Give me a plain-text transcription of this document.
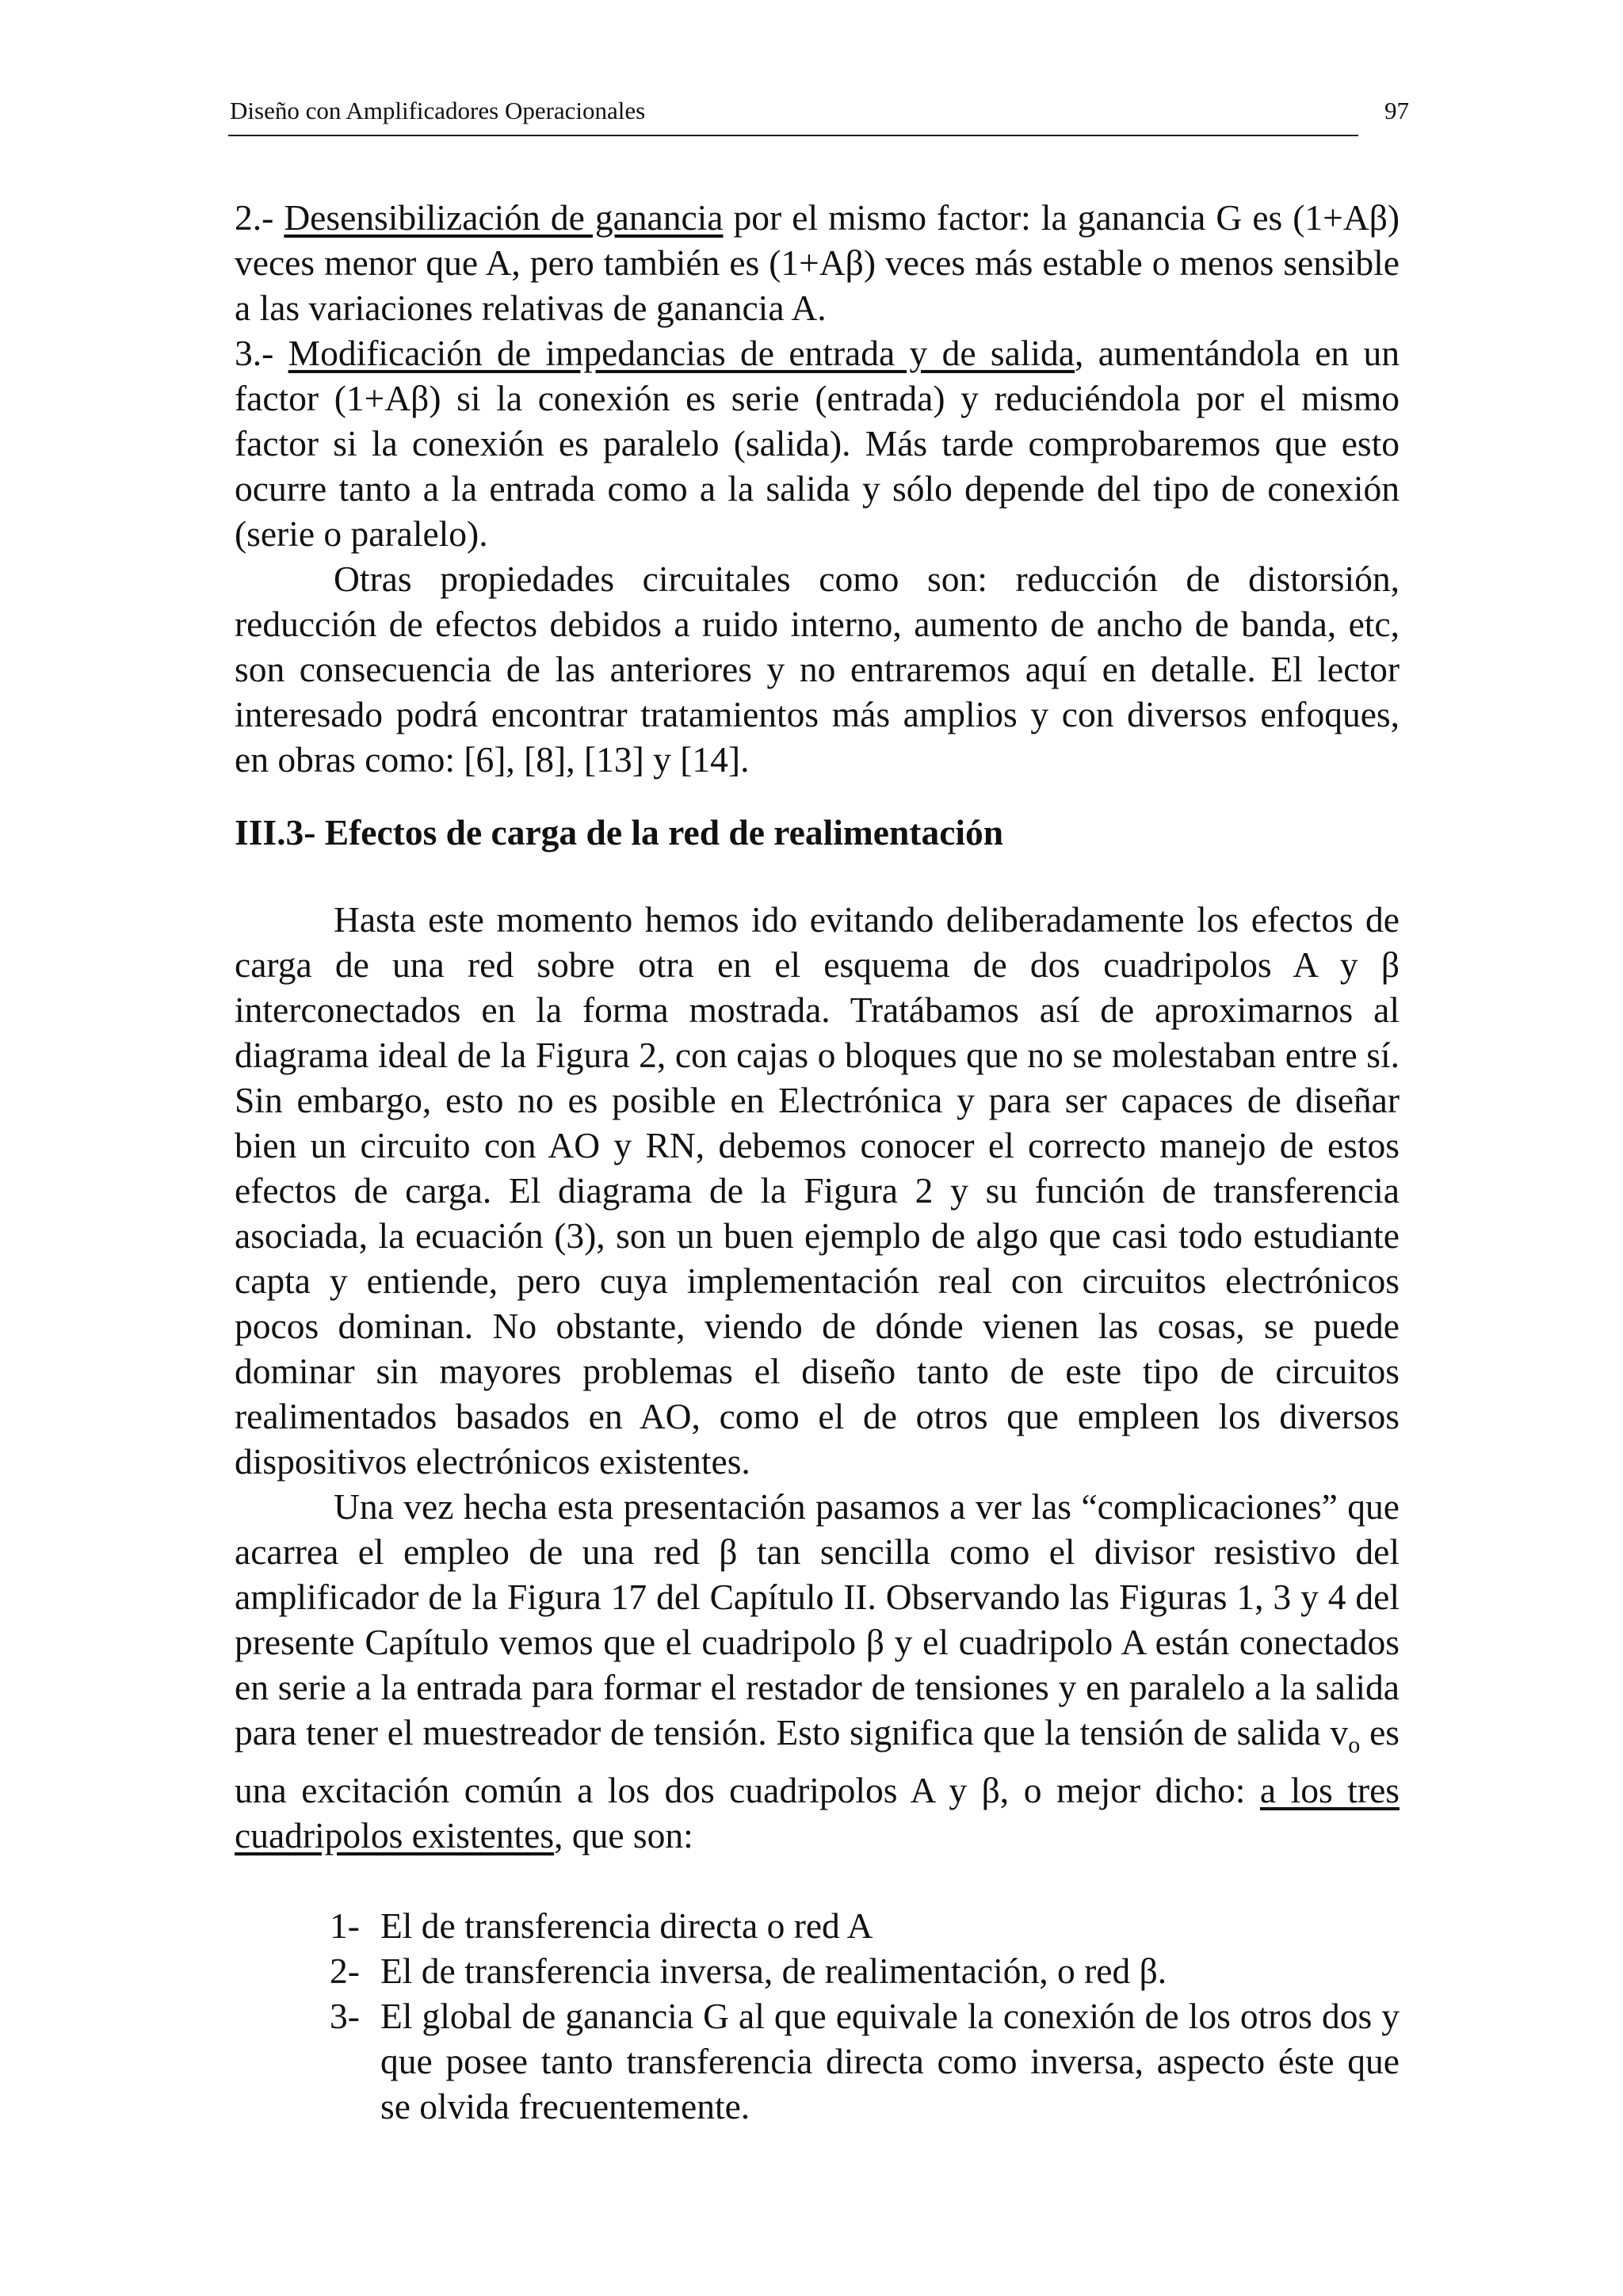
Diseño con Amplificadores Operacionales	97

2.- Desensibilización de ganancia por el mismo factor: la ganancia G es (1+Aβ) veces menor que A, pero también es (1+Aβ) veces más estable o menos sensible a las variaciones relativas de ganancia A.

3.- Modificación de impedancias de entrada y de salida, aumentándola en un factor (1+Aβ) si la conexión es serie (entrada) y reduciéndola por el mismo factor si la conexión es paralelo (salida). Más tarde comprobaremos que esto ocurre tanto a la entrada como a la salida y sólo depende del tipo de conexión (serie o paralelo).

Otras propiedades circuitales como son: reducción de distorsión, reducción de efectos debidos a ruido interno, aumento de ancho de banda, etc, son consecuencia de las anteriores y no entraremos aquí en detalle. El lector interesado podrá encontrar tratamientos más amplios y con diversos enfoques, en obras como: [6], [8], [13] y [14].

III.3- Efectos de carga de la red de realimentación

Hasta este momento hemos ido evitando deliberadamente los efectos de carga de una red sobre otra en el esquema de dos cuadripolos A y β interconectados en la forma mostrada. Tratábamos así de aproximarnos al diagrama ideal de la Figura 2, con cajas o bloques que no se molestaban entre sí. Sin embargo, esto no es posible en Electrónica y para ser capaces de diseñar bien un circuito con AO y RN, debemos conocer el correcto manejo de estos efectos de carga. El diagrama de la Figura 2 y su función de transferencia asociada, la ecuación (3), son un buen ejemplo de algo que casi todo estudiante capta y entiende, pero cuya implementación real con circuitos electrónicos pocos dominan. No obstante, viendo de dónde vienen las cosas, se puede dominar sin mayores problemas el diseño tanto de este tipo de circuitos realimentados basados en AO, como el de otros que empleen los diversos dispositivos electrónicos existentes.

Una vez hecha esta presentación pasamos a ver las “complicaciones” que acarrea el empleo de una red β tan sencilla como el divisor resistivo del amplificador de la Figura 17 del Capítulo II. Observando las Figuras 1, 3 y 4 del presente Capítulo vemos que el cuadripolo β y el cuadripolo A están conectados en serie a la entrada para formar el restador de tensiones y en paralelo a la salida para tener el muestreador de tensión. Esto significa que la tensión de salida $v_o$ es una excitación común a los dos cuadripolos A y β, o mejor dicho: a los tres cuadripolos existentes, que son:

1- El de transferencia directa o red A
2- El de transferencia inversa, de realimentación, o red β.
3- El global de ganancia G al que equivale la conexión de los otros dos y que posee tanto transferencia directa como inversa, aspecto éste que se olvida frecuentemente.
